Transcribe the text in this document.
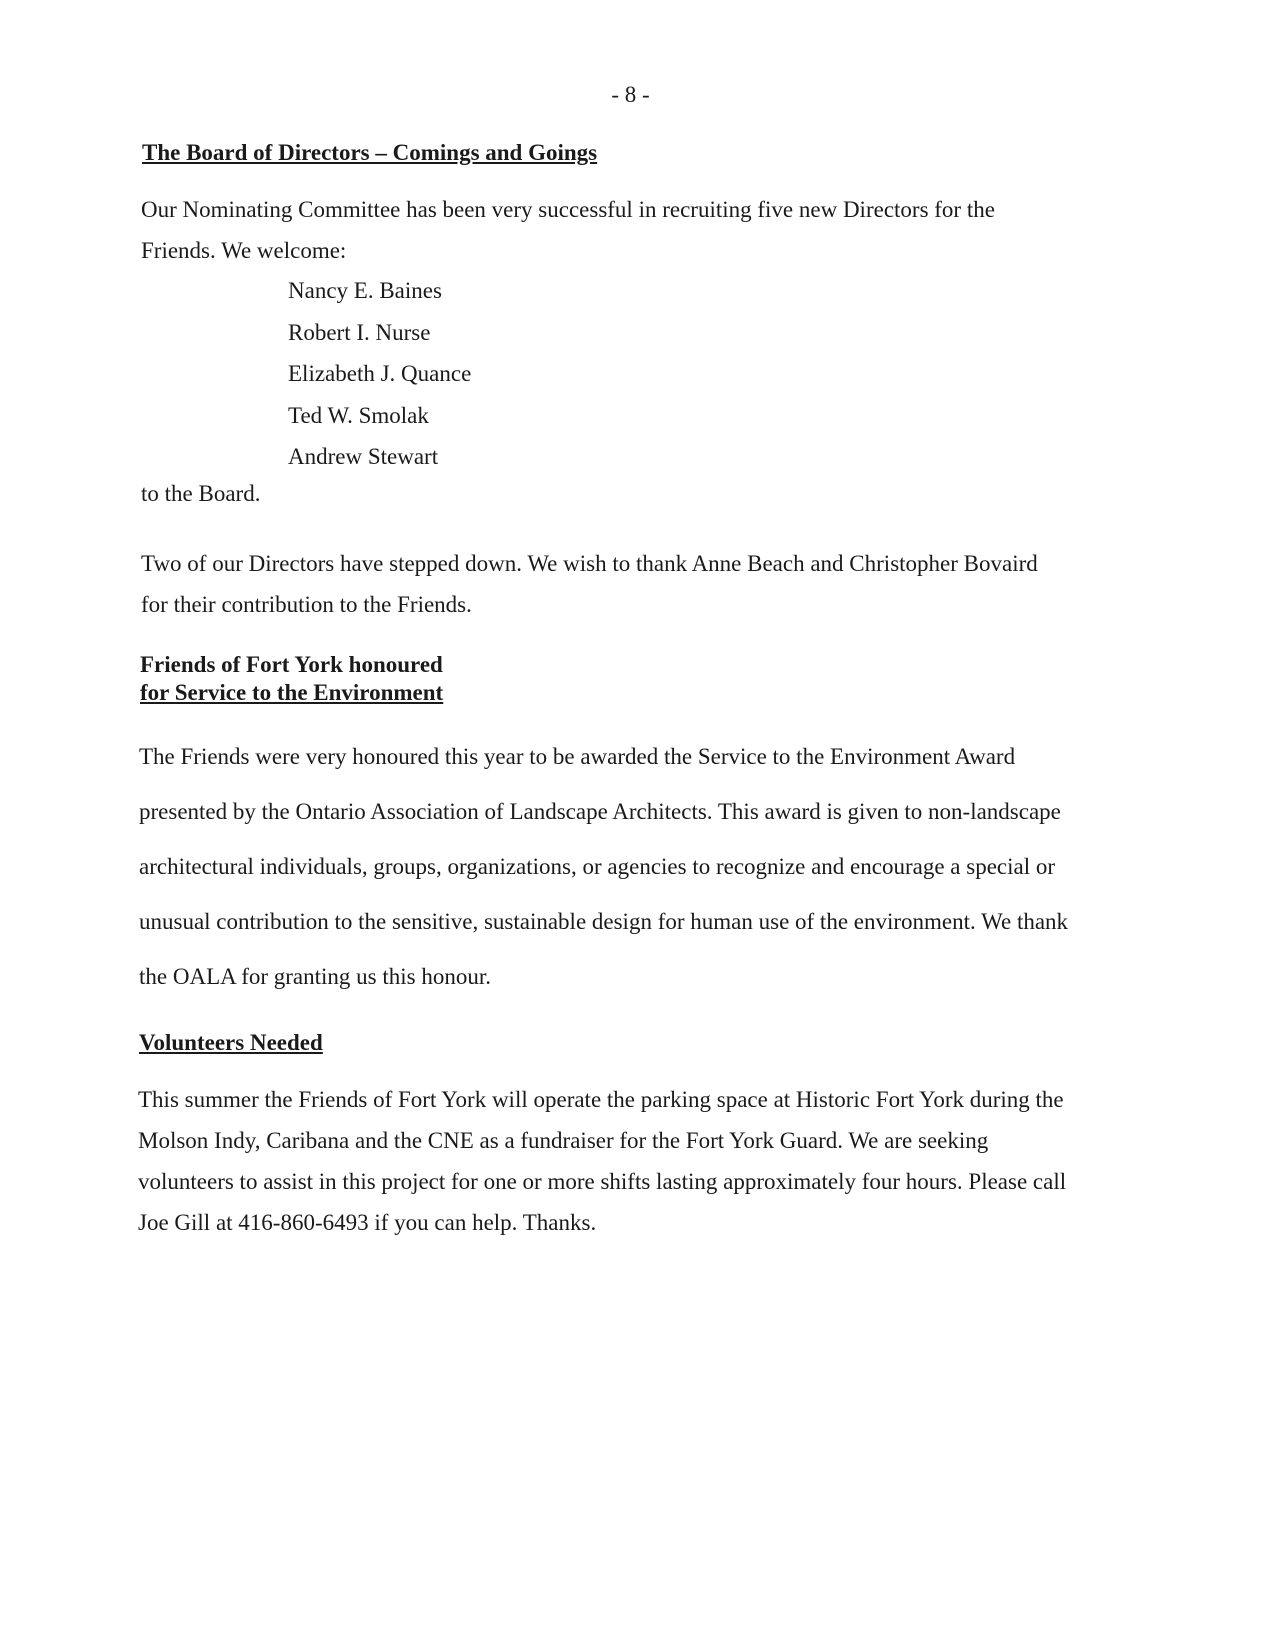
- 8 -
The Board of Directors – Comings and Goings

Our Nominating Committee has been very successful in recruiting five new Directors for the Friends. We welcome:

Nancy E. Baines
Robert I. Nurse
Elizabeth J. Quance
Ted W. Smolak
Andrew Stewart

to the Board.

Two of our Directors have stepped down. We wish to thank Anne Beach and Christopher Bovaird for their contribution to the Friends.

Friends of Fort York honoured
for Service to the Environment

The Friends were very honoured this year to be awarded the Service to the Environment Award presented by the Ontario Association of Landscape Architects. This award is given to non-landscape architectural individuals, groups, organizations, or agencies to recognize and encourage a special or unusual contribution to the sensitive, sustainable design for human use of the environment. We thank the OALA for granting us this honour.

Volunteers Needed

This summer the Friends of Fort York will operate the parking space at Historic Fort York during the Molson Indy, Caribana and the CNE as a fundraiser for the Fort York Guard. We are seeking volunteers to assist in this project for one or more shifts lasting approximately four hours. Please call Joe Gill at 416-860-6493 if you can help. Thanks.
